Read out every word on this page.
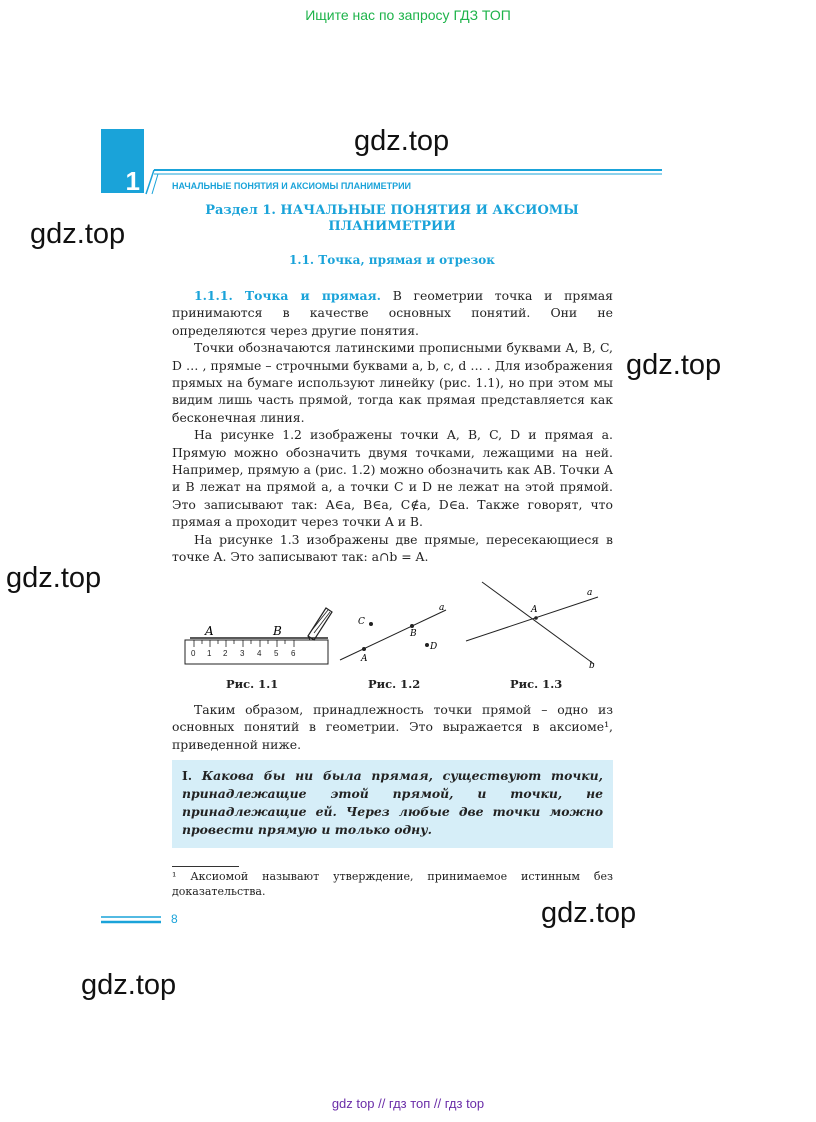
Ищите нас по запросу ГДЗ ТОП
gdz.top
gdz.top
gdz.top
gdz.top
gdz.top
gdz.top
1	НАЧАЛЬНЫЕ ПОНЯТИЯ И АКСИОМЫ ПЛАНИМЕТРИИ
Раздел 1. НАЧАЛЬНЫЕ ПОНЯТИЯ И АКСИОМЫ
ПЛАНИМЕТРИИ
1.1. Точка, прямая и отрезок

1.1.1. Точка и прямая. В геометрии точка и прямая принимаются в качестве основных понятий. Они не определяются через другие понятия.

Точки обозначаются латинскими прописными буквами A, B, C, D … , прямые – строчными буквами a, b, c, d … . Для изображения прямых на бумаге используют линейку (рис. 1.1), но при этом мы видим лишь часть прямой, тогда как прямая представляется как бесконечная линия.

На рисунке 1.2 изображены точки A, B, C, D и прямая a. Прямую можно обозначить двумя точками, лежащими на ней. Например, прямую a (рис. 1.2) можно обозначить как AB. Точки A и B лежат на прямой a, а точки C и D не лежат на этой прямой. Это записывают так: A∈a, B∈a, C∉a, D∈a. Также говорят, что прямая a проходит через точки A и B.

На рисунке 1.3 изображены две прямые, пересекающиеся в точке A. Это записывают так: a∩b = A.

0 1 2 3 4 5 6
A	B
Рис. 1.1
a
A
B
C
D
Рис. 1.2
a
b
A
Рис. 1.3

Таким образом, принадлежность точки прямой – одно из основных понятий в геометрии. Это выражается в аксиоме¹, приведенной ниже.

I. Какова бы ни была прямая, существуют точки, принадлежащие этой прямой, и точки, не принадлежащие ей. Через любые две точки можно провести прямую и только одну.
¹ Аксиомой называют утверждение, принимаемое истинным без доказательства.
8
gdz top // гдз топ // гдз top
